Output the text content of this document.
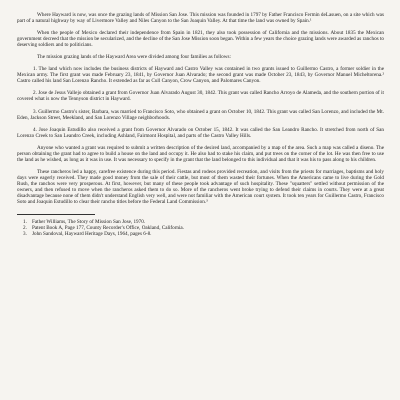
Where Hayward is now, was once the grazing lands of Mission San Jose. This mission was founded in 1797 by Father Francisco Fermin deLasuen, on a site which was part of a natural highway by way of Livermore Valley and Niles Canyon to the San Joaquin Valley. At that time the land was owned by Spain.¹

When the people of Mexico declared their independence from Spain in 1821, they also took possession of California and the missions. About 1835 the Mexican government decreed that the mission be secularized, and the decline of the San Jose Mission soon began. Within a few years the choice grazing lands were awarded as ranchos to deserving soldiers and to politicians.

The mission grazing lands of the Hayward Area were divided among four families as follows:

1. The land which now includes the business districts of Hayward and Castro Valley was contained in two grants issued to Guillermo Castro, a former soldier in the Mexican army. The first grant was made February 23, 1841, by Governor Juan Alvarado; the second grant was made October 23, 1843, by Governor Manuel Micheltorena.² Castro called his land San Lorenzo Rancho. It extended as far as Cull Canyon, Crow Canyon, and Palomares Canyon.

2. Jose de Jesus Vallejo obtained a grant from Governor Juan Alvarado August 30, 1842. This grant was called Rancho Arroyo de Alameda, and the southern portion of it covered what is now the Tennyson district in Hayward.

3. Guillermo Castro's sister, Barbara, was married to Francisco Soto, who obtained a grant on October 10, 1842. This grant was called San Lorenzo, and included the Mt. Eden, Jackson Street, Meekland, and San Lorenzo Village neighborhoods.

4. Jose Joaquin Estudillo also received a grant from Governor Alvarado on October 15, 1842. It was called the San Leandro Rancho. It stretched from north of San Lorenzo Creek to San Leandro Creek, including Ashland, Fairmont Hospital, and parts of the Castro Valley Hills.

Anyone who wanted a grant was required to submit a written description of the desired land, accompanied by a map of the area. Such a map was called a diseno. The person obtaining the grant had to agree to build a house on the land and occupy it. He also had to stake his claim, and put trees on the corner of the lot. He was then free to use the land as he wished, as long as it was in use. It was necessary to specify in the grant that the land belonged to this individual and that it was his to pass along to his children.

These rancheros led a happy, carefree existence during this period. Fiestas and rodeos provided recreation, and visits from the priests for marriages, baptisms and holy days were eagerly received. They made good money from the sale of their cattle, but most of them wasted their fortunes. When the Americans came to live during the Gold Rush, the ranchos were very prosperous. At first, however, but many of these people took advantage of such hospitality. These "squatters" settled without permission of the owners, and then refused to move when the rancheros asked them to do so. More of the rancheros went broke trying to defend their claims in courts. They were at a great disadvantage because none of them didn't understand English very well, and were not familiar with the American court system. It took ten years for Guillermo Castro, Francisco Soto and Joaquin Estudillo to clear their rancho titles before the Federal Land Commission.³

1. Father Williams, The Story of Mission San Jose, 1970.
2. Patent Book A, Page 177, County Recorder's Office, Oakland, California.
3. John Sandoval, Hayward Heritage Days, 1964, pages 6-8.
